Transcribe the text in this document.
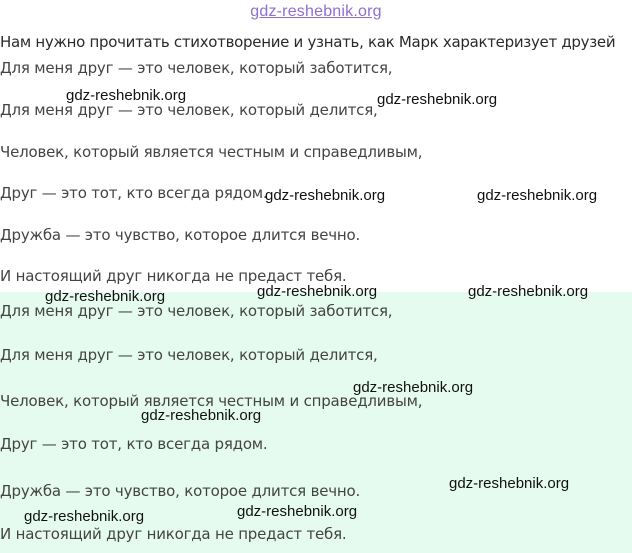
gdz-reshebnik.org
Нам нужно прочитать стихотворение и узнать, как Марк характеризует друзей
Для меня друг — это человек, который заботится,
Для меня друг — это человек, который делится,
Человек, который является честным и справедливым,
Друг — это тот, кто всегда рядом.
Дружба — это чувство, которое длится вечно.
И настоящий друг никогда не предаст тебя.
Для меня друг — это человек, который заботится,
Для меня друг — это человек, который делится,
Человек, который является честным и справедливым,
Друг — это тот, кто всегда рядом.
Дружба — это чувство, которое длится вечно.
И настоящий друг никогда не предаст тебя.
gdz-reshebnik.org	gdz-reshebnik.org
gdz-reshebnik.org	gdz-reshebnik.org
gdz-reshebnik.org	gdz-reshebnik.org	gdz-reshebnik.org
gdz-reshebnik.org
gdz-reshebnik.org
gdz-reshebnik.org
gdz-reshebnik.org	gdz-reshebnik.org
